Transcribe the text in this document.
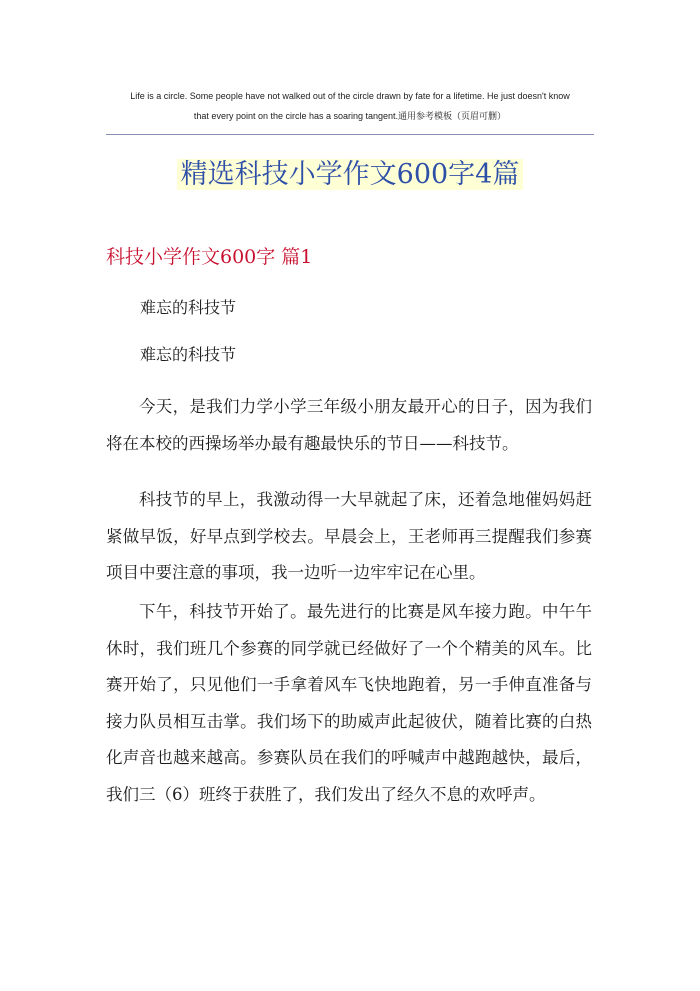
Life is a circle. Some people have not walked out of the circle drawn by fate for a lifetime. He just doesn't know
that every point on the circle has a soaring tangent.通用参考模板（页眉可删）
精选科技小学作文600字4篇
科技小学作文600字 篇1
难忘的科技节
难忘的科技节

今天，是我们力学小学三年级小朋友最开心的日子，因为我们将在本校的西操场举办最有趣最快乐的节日——科技节。

科技节的早上，我激动得一大早就起了床，还着急地催妈妈赶紧做早饭，好早点到学校去。早晨会上，王老师再三提醒我们参赛项目中要注意的事项，我一边听一边牢牢记在心里。

下午，科技节开始了。最先进行的比赛是风车接力跑。中午午休时，我们班几个参赛的同学就已经做好了一个个精美的风车。比赛开始了，只见他们一手拿着风车飞快地跑着，另一手伸直准备与接力队员相互击掌。我们场下的助威声此起彼伏，随着比赛的白热化声音也越来越高。参赛队员在我们的呼喊声中越跑越快，最后，我们三（6）班终于获胜了，我们发出了经久不息的欢呼声。
